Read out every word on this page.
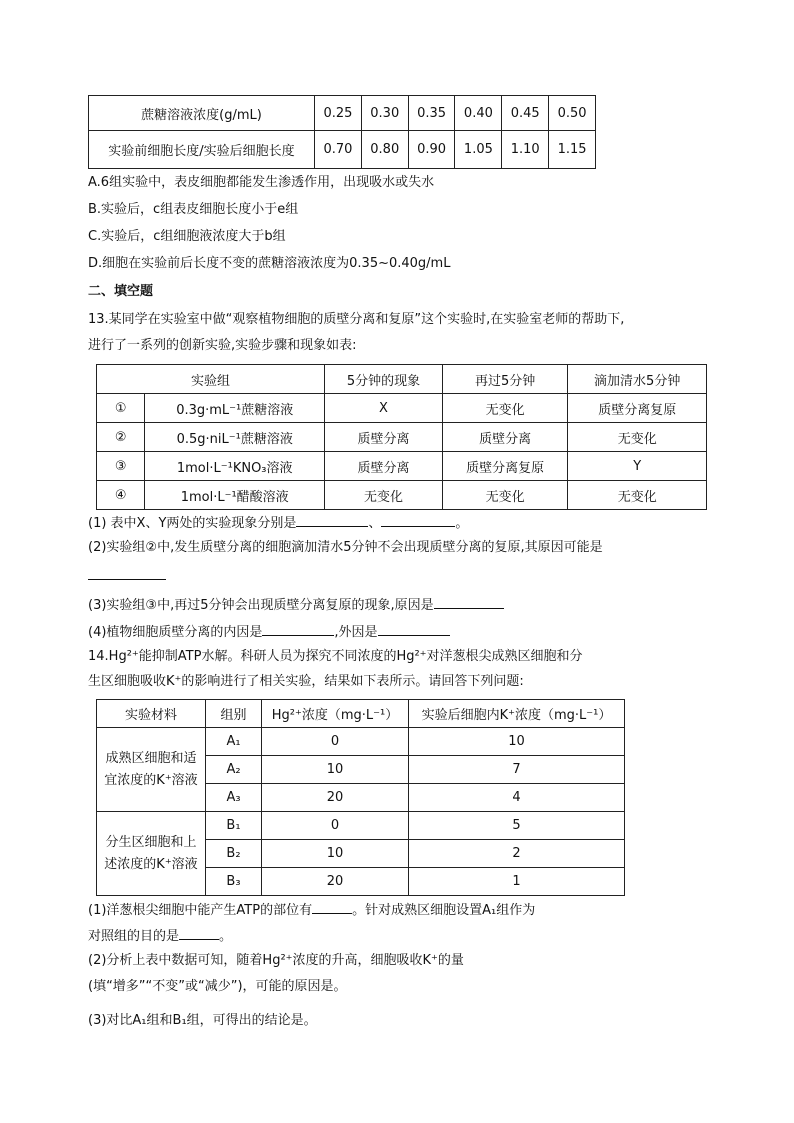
蔗糖溶液浓度(g/mL)	0.25	0.30	0.35	0.40	0.45	0.50
实验前细胞长度/实验后细胞长度	0.70	0.80	0.90	1.05	1.10	1.15
A.6组实验中，表皮细胞都能发生渗透作用，出现吸水或失水
B.实验后，c组表皮细胞长度小于e组
C.实验后，c组细胞液浓度大于b组
D.细胞在实验前后长度不变的蔗糖溶液浓度为0.35~0.40g/mL
二、填空题
13.某同学在实验室中做“观察植物细胞的质壁分离和复原”这个实验时,在实验室老师的帮助下,
进行了一系列的创新实验,实验步骤和现象如表:
实验组		5分钟的现象	再过5分钟	滴加清水5分钟
①	0.3g·mL⁻¹蔗糖溶液	X	无变化	质壁分离复原
②	0.5g·niL⁻¹蔗糖溶液	质壁分离	质壁分离	无变化
③	1mol·L⁻¹KNO₃溶液	质壁分离	质壁分离复原	Y
④	1mol·L⁻¹醋酸溶液	无变化	无变化	无变化
(1) 表中X、Y两处的实验现象分别是	、	。
(2)实验组②中,发生质壁分离的细胞滴加清水5分钟不会出现质壁分离的复原,其原因可能是
(3)实验组③中,再过5分钟会出现质壁分离复原的现象,原因是
(4)植物细胞质壁分离的内因是	,外因是
14.Hg²⁺能抑制ATP水解。科研人员为探究不同浓度的Hg²⁺对洋葱根尖成熟区细胞和分
生区细胞吸收K⁺的影响进行了相关实验，结果如下表所示。请回答下列问题:
实验材料	组别	Hg²⁺浓度（mg·L⁻¹）	实验后细胞内K⁺浓度（mg·L⁻¹）

成熟区细胞和适
宜浓度的K⁺溶液	A₁	0	10
	A₂	10	7
	A₃	20	4

分生区细胞和上
述浓度的K⁺溶液	B₁	0	5
	B₂	10	2
	B₃	20	1
(1)洋葱根尖细胞中能产生ATP的部位有	。针对成熟区细胞设置A₁组作为
对照组的目的是	。
(2)分析上表中数据可知，随着Hg²⁺浓度的升高，细胞吸收K⁺的量
(填“增多”“不变”或“减少”)，可能的原因是。
(3)对比A₁组和B₁组，可得出的结论是。
